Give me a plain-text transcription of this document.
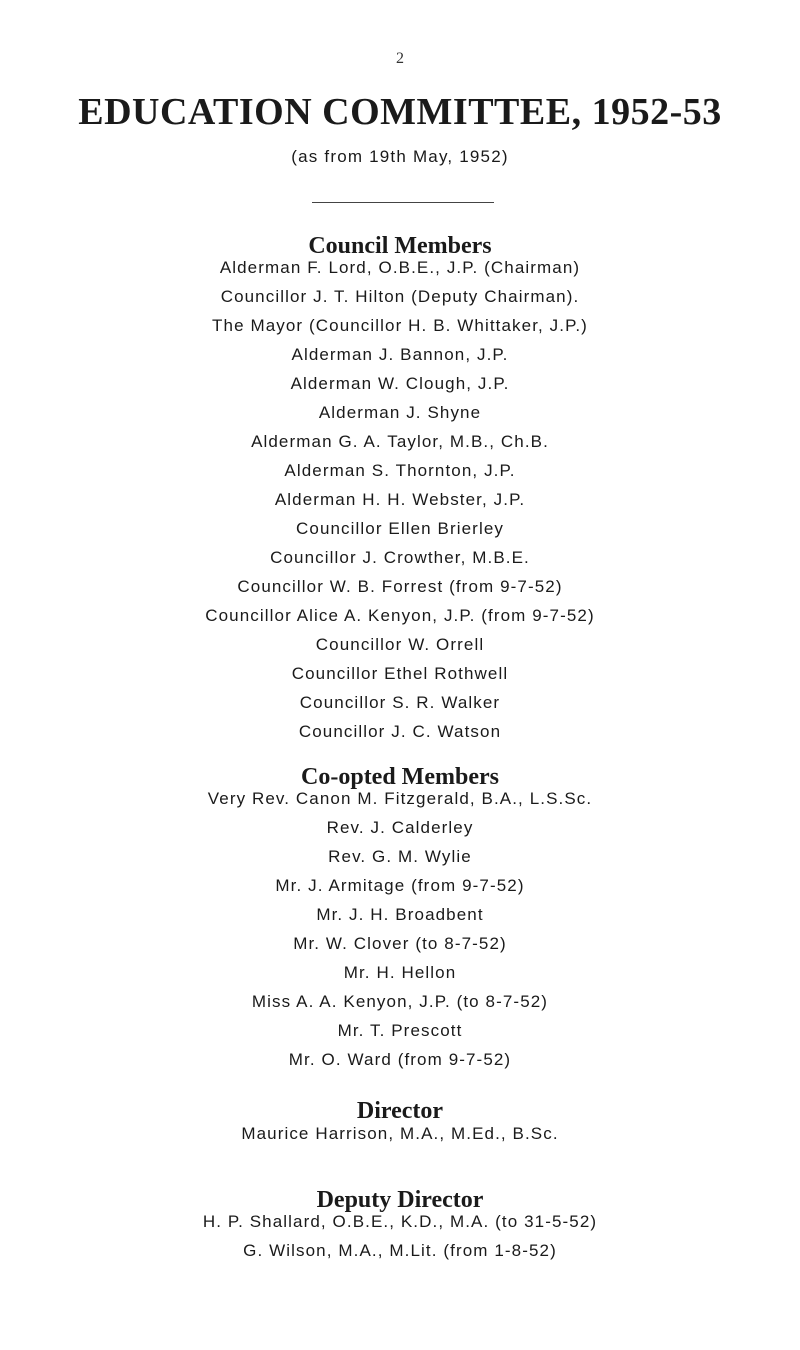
2
EDUCATION COMMITTEE, 1952-53
(as from 19th May, 1952)
Council Members
Alderman F. Lord, O.B.E., J.P. (Chairman)
Councillor J. T. Hilton (Deputy Chairman).
The Mayor (Councillor H. B. Whittaker, J.P.)
Alderman J. Bannon, J.P.
Alderman W. Clough, J.P.
Alderman J. Shyne
Alderman G. A. Taylor, M.B., Ch.B.
Alderman S. Thornton, J.P.
Alderman H. H. Webster, J.P.
Councillor Ellen Brierley
Councillor J. Crowther, M.B.E.
Councillor W. B. Forrest (from 9-7-52)
Councillor Alice A. Kenyon, J.P. (from 9-7-52)
Councillor W. Orrell
Councillor Ethel Rothwell
Councillor S. R. Walker
Councillor J. C. Watson
Co-opted Members
Very Rev. Canon M. Fitzgerald, B.A., L.S.Sc.
Rev. J. Calderley
Rev. G. M. Wylie
Mr. J. Armitage (from 9-7-52)
Mr. J. H. Broadbent
Mr. W. Clover (to 8-7-52)
Mr. H. Hellon
Miss A. A. Kenyon, J.P. (to 8-7-52)
Mr. T. Prescott
Mr. O. Ward (from 9-7-52)
Director
Maurice Harrison, M.A., M.Ed., B.Sc.
Deputy Director
H. P. Shallard, O.B.E., K.D., M.A. (to 31-5-52)
G. Wilson, M.A., M.Lit. (from 1-8-52)
